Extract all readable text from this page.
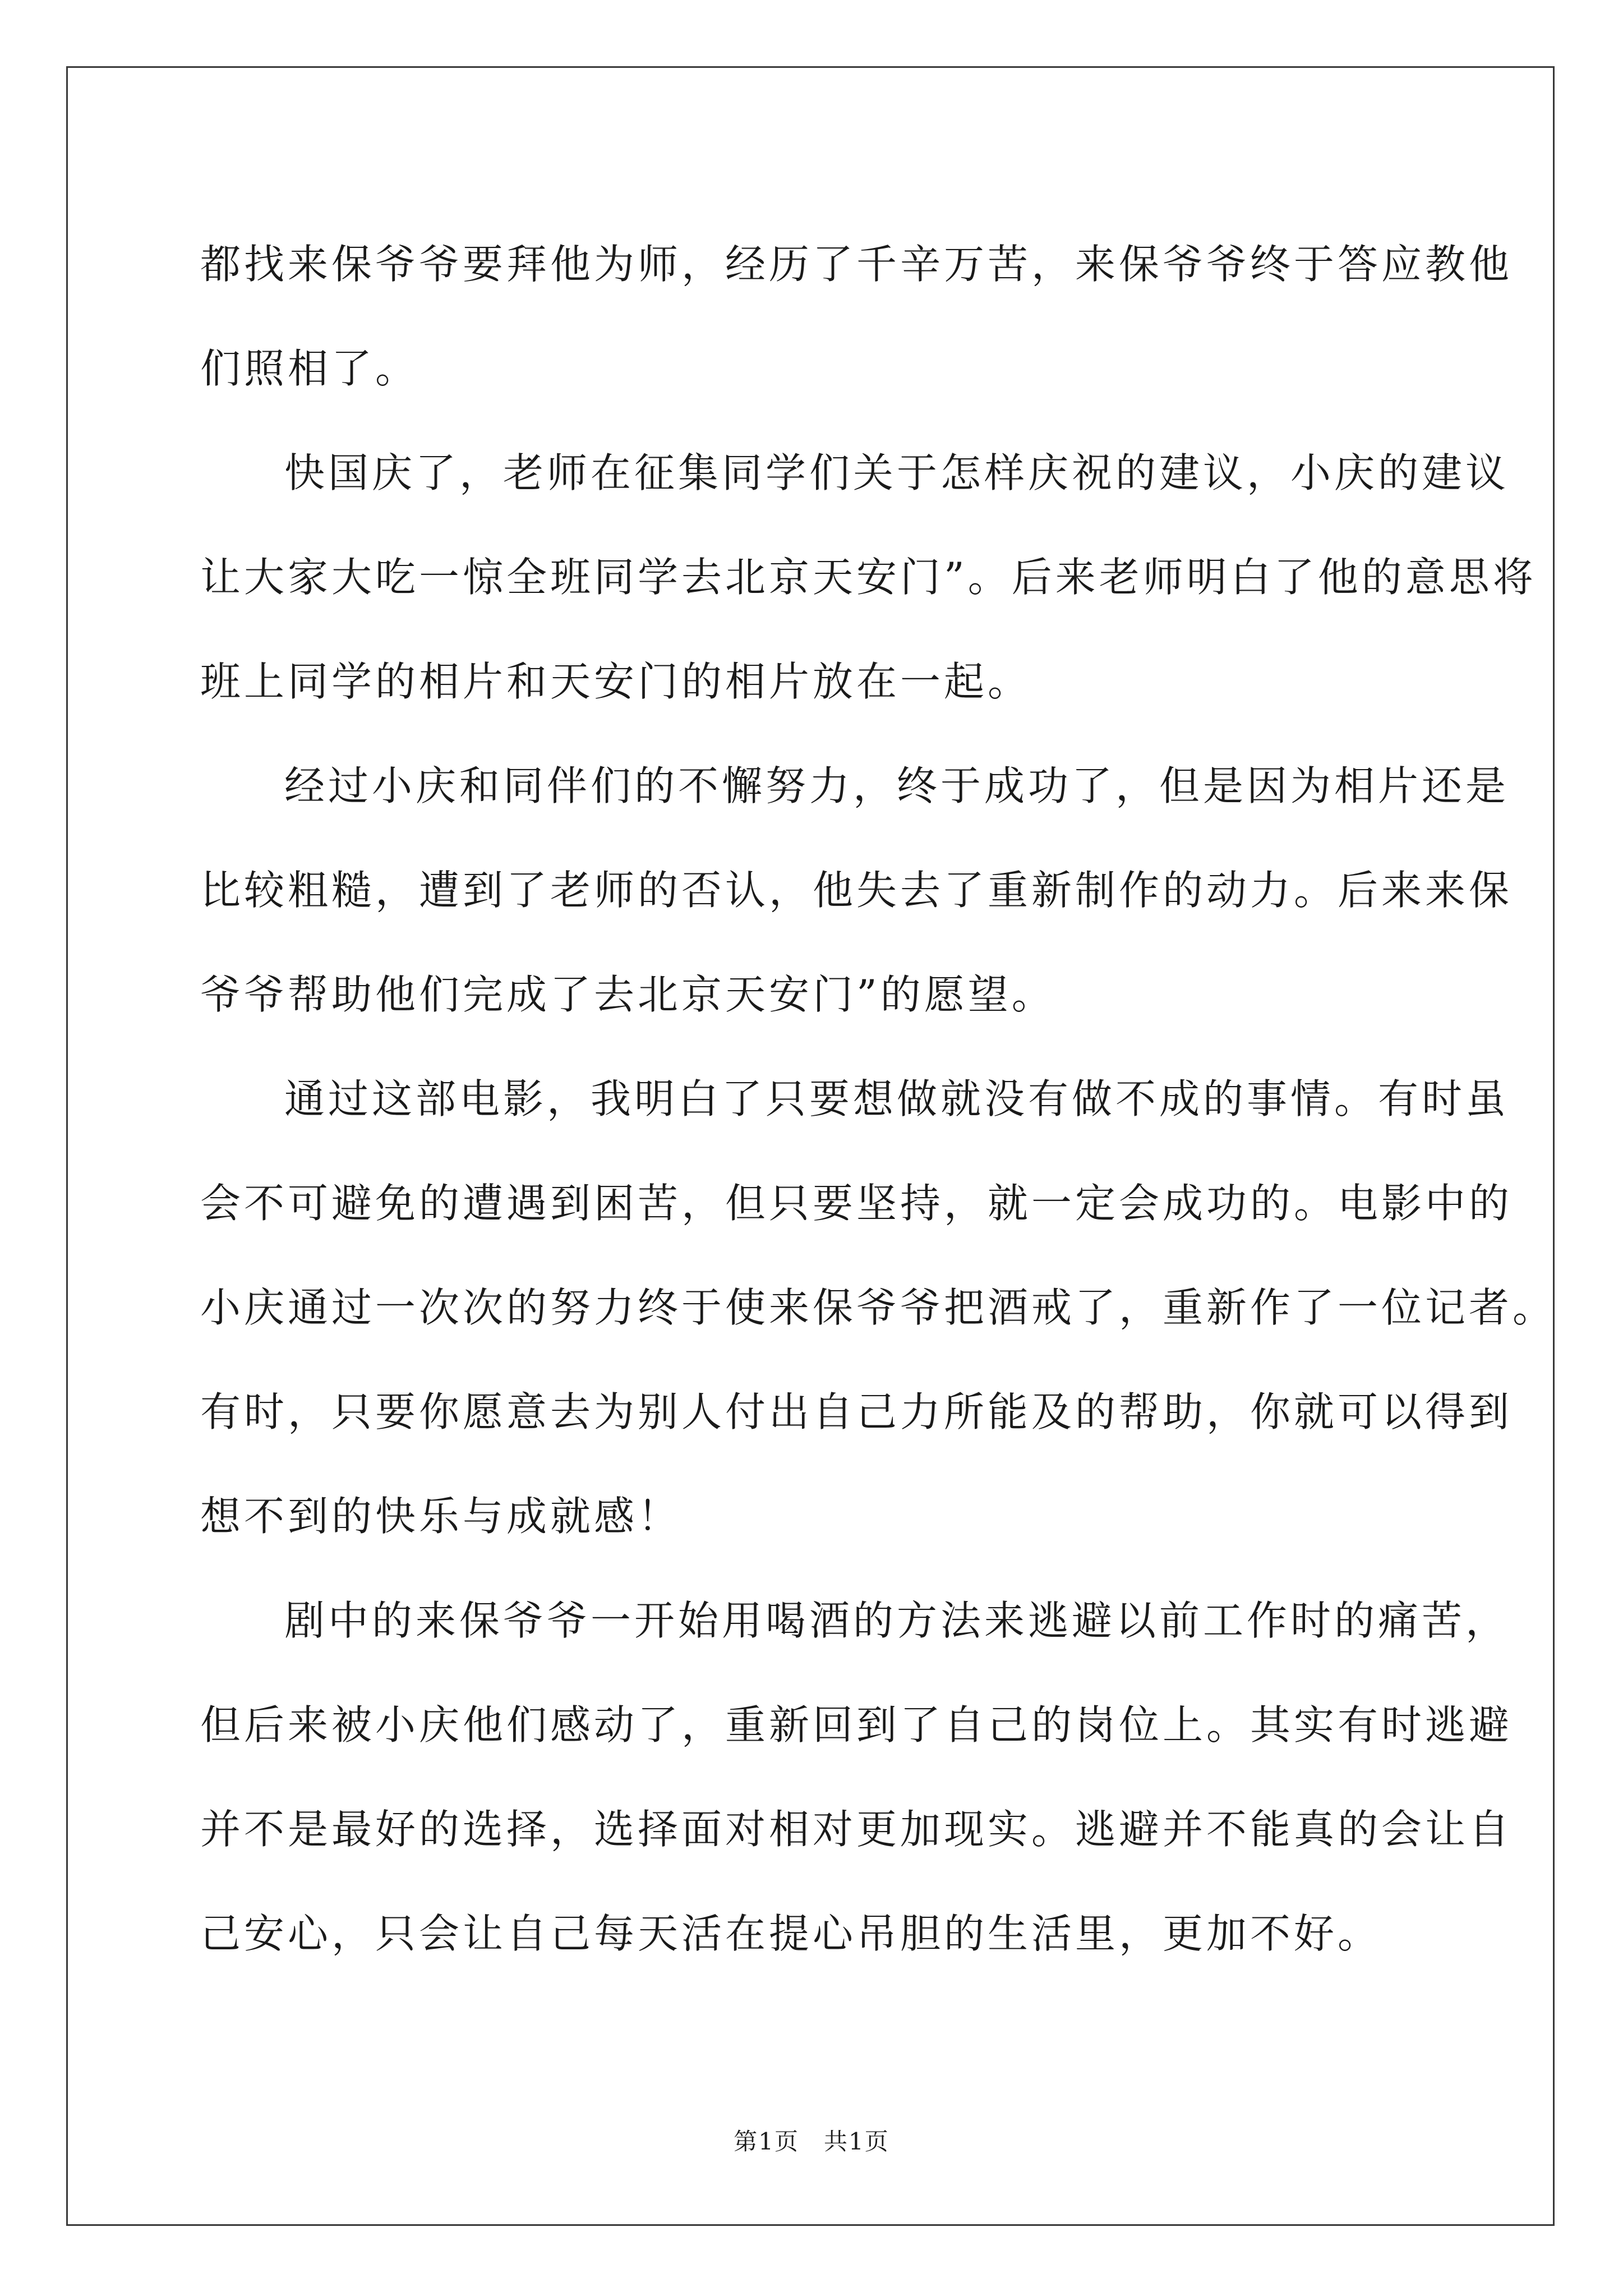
都找来保爷爷要拜他为师，经历了千辛万苦，来保爷爷终于答应教他
们照相了。
快国庆了，老师在征集同学们关于怎样庆祝的建议，小庆的建议
让大家大吃一惊全班同学去北京天安门”。后来老师明白了他的意思将
班上同学的相片和天安门的相片放在一起。
经过小庆和同伴们的不懈努力，终于成功了，但是因为相片还是
比较粗糙，遭到了老师的否认，他失去了重新制作的动力。后来来保
爷爷帮助他们完成了去北京天安门”的愿望。
通过这部电影，我明白了只要想做就没有做不成的事情。有时虽
会不可避免的遭遇到困苦，但只要坚持，就一定会成功的。电影中的
小庆通过一次次的努力终于使来保爷爷把酒戒了，重新作了一位记者。
有时，只要你愿意去为别人付出自己力所能及的帮助，你就可以得到
想不到的快乐与成就感！
剧中的来保爷爷一开始用喝酒的方法来逃避以前工作时的痛苦，
但后来被小庆他们感动了，重新回到了自己的岗位上。其实有时逃避
并不是最好的选择，选择面对相对更加现实。逃避并不能真的会让自
己安心，只会让自己每天活在提心吊胆的生活里，更加不好。
第1页 共1页
